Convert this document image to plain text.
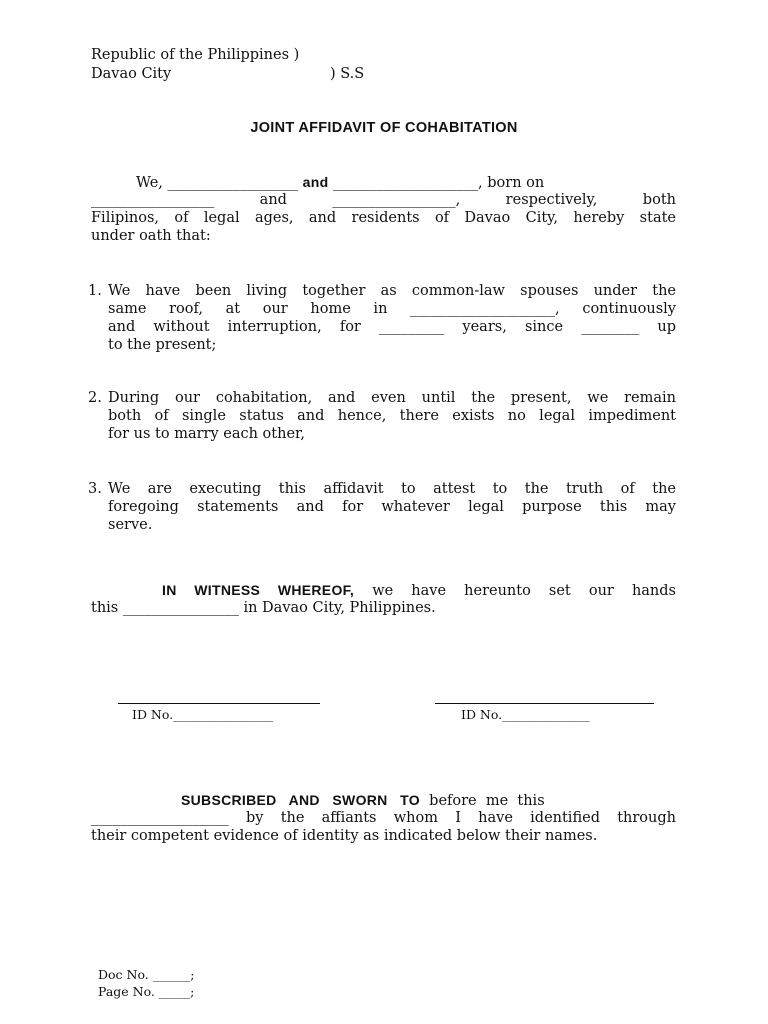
Republic of the Philippines )
Davao City	) S.S
JOINT AFFIDAVIT OF COHABITATION
We, __________________ and ____________________, born on
_________________ and _________________, respectively, both
Filipinos, of legal ages, and residents of Davao City, hereby state
under oath that:
1. We have been living together as common-law spouses under the
same roof, at our home in ____________________, continuously
and without interruption, for _________ years, since ________ up
to the present;
2. During our cohabitation, and even until the present, we remain
both of single status and hence, there exists no legal impediment
for us to marry each other,
3. We are executing this affidavit to attest to the truth of the
foregoing statements and for whatever legal purpose this may
serve.
IN WITNESS WHEREOF, we have hereunto set our hands
this ________________ in Davao City, Philippines.
ID No.________________	ID No.______________
SUBSCRIBED   AND   SWORN   TO  before  me  this
___________________ by the affiants whom I have identified through
their competent evidence of identity as indicated below their names.
Doc No. ______;
Page No. _____;
